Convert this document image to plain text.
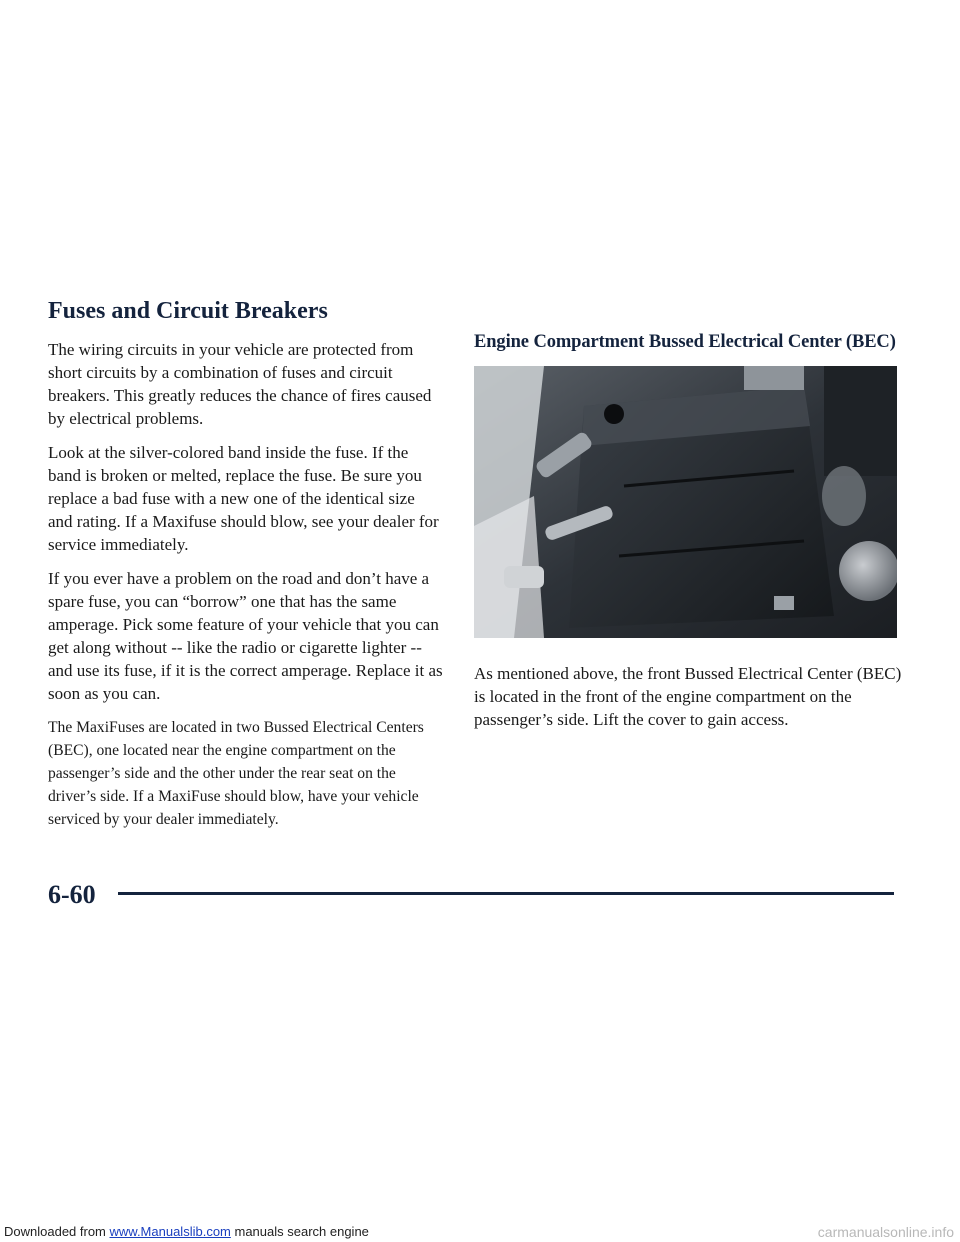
Fuses and Circuit Breakers

The wiring circuits in your vehicle are protected from short circuits by a combination of fuses and circuit breakers. This greatly reduces the chance of fires caused by electrical problems.

Look at the silver-colored band inside the fuse. If the band is broken or melted, replace the fuse. Be sure you replace a bad fuse with a new one of the identical size and rating. If a Maxifuse should blow, see your dealer for service immediately.

If you ever have a problem on the road and don’t have a spare fuse, you can “borrow” one that has the same amperage. Pick some feature of your vehicle that you can get along without -- like the radio or cigarette lighter -- and use its fuse, if it is the correct amperage. Replace it as soon as you can.

The MaxiFuses are located in two Bussed Electrical Centers (BEC), one located near the engine compartment on the passenger’s side and the other under the rear seat on the driver’s side. If a MaxiFuse should blow, have your vehicle serviced by your dealer immediately.

Engine Compartment Bussed Electrical Center (BEC)

As mentioned above, the front Bussed Electrical Center (BEC) is located in the front of the engine compartment on the passenger’s side. Lift the cover to gain access.

6-60
Downloaded from www.Manualslib.com manuals search engine	carmanualsonline.info
